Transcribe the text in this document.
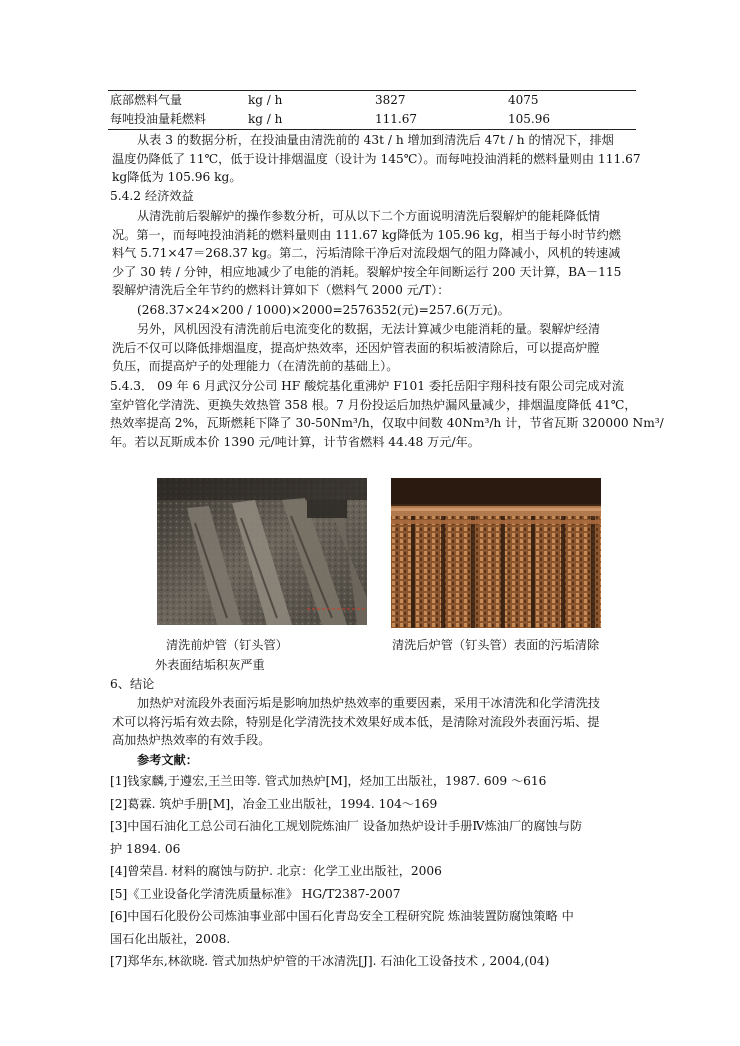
底部燃料气量	kg / h	3827	4075
每吨投油量耗燃料	kg / h	111.67	105.96
从表 3 的数据分析，在投油量由清洗前的 43t / h 增加到清洗后 47t / h 的情况下，排烟
温度仍降低了 11℃，低于设计排烟温度（设计为 145℃）。而每吨投油消耗的燃料量则由 111.67
kg降低为 105.96 kg。
5.4.2 经济效益
从清洗前后裂解炉的操作参数分析，可从以下二个方面说明清洗后裂解炉的能耗降低情
况。第一，而每吨投油消耗的燃料量则由 111.67 kg降低为 105.96 kg，相当于每小时节约燃
料气 5.71×47＝268.37 kg。第二，污垢清除干净后对流段烟气的阻力降减小，风机的转速减
少了 30 转 / 分钟，相应地减少了电能的消耗。裂解炉按全年间断运行 200 天计算，BA－115
裂解炉清洗后全年节约的燃料计算如下（燃料气 2000 元/T）：
(268.37×24×200 / 1000)×2000=2576352(元)=257.6(万元)。
另外，风机因没有清洗前后电流变化的数据，无法计算减少电能消耗的量。裂解炉经清
洗后不仅可以降低排烟温度，提高炉热效率，还因炉管表面的积垢被清除后，可以提高炉膛
负压，而提高炉子的处理能力（在清洗前的基础上）。
5.4.3． 09 年 6 月武汉分公司 HF 酸烷基化重沸炉 F101 委托岳阳宇翔科技有限公司完成对流
室炉管化学清洗、更换失效热管 358 根。7 月份投运后加热炉漏风量减少，排烟温度降低 41℃，
热效率提高 2%，瓦斯燃耗下降了 30-50Nm³/h，仅取中间数 40Nm³/h 计，节省瓦斯 320000 Nm³/
年。若以瓦斯成本价 1390 元/吨计算，计节省燃料 44.48 万元/年。
清洗前炉管（钉头管）
外表面结垢积灰严重
清洗后炉管（钉头管）表面的污垢清除
6、结论
加热炉对流段外表面污垢是影响加热炉热效率的重要因素，采用干冰清洗和化学清洗技
术可以将污垢有效去除，特别是化学清洗技术效果好成本低，是清除对流段外表面污垢、提
高加热炉热效率的有效手段。
参考文献：
[1]钱家麟,于遵宏,王兰田等. 管式加热炉[M]，烃加工出版社，1987. 609 ～616
[2]葛霖. 筑炉手册[M]，冶金工业出版社，1994. 104～169
[3]中国石油化工总公司石油化工规划院炼油厂 设备加热炉设计手册Ⅳ炼油厂的腐蚀与防
护 1894. 06
[4]曾荣昌. 材料的腐蚀与防护. 北京：化学工业出版社，2006
[5]《工业设备化学清洗质量标准》 HG/T2387-2007
[6]中国石化股份公司炼油事业部中国石化青岛安全工程研究院 炼油装置防腐蚀策略 中
国石化出版社，2008.
[7]郑华东,林欲晓. 管式加热炉炉管的干冰清洗[J]. 石油化工设备技术 , 2004,(04)
